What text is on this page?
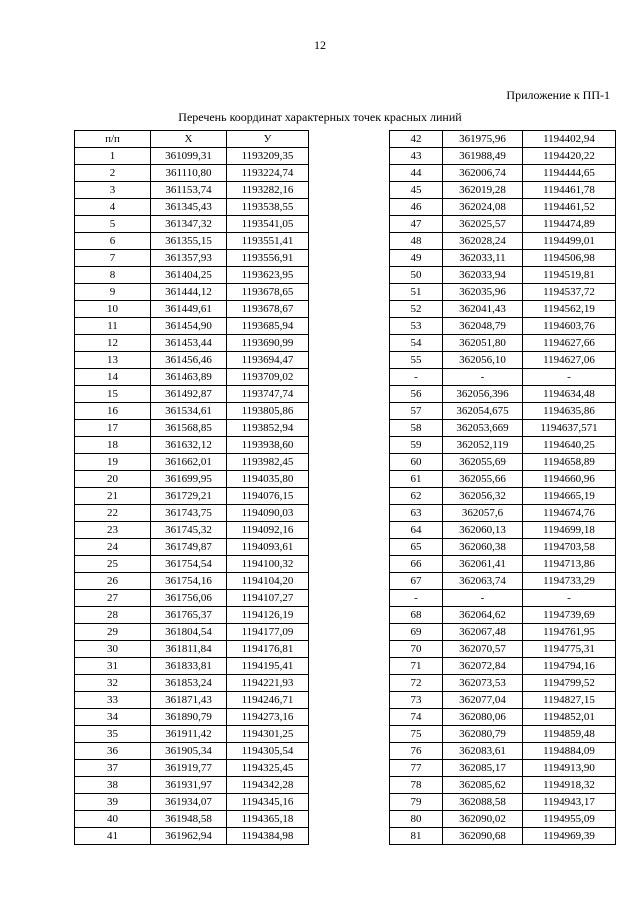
12
Приложение к ПП-1
Перечень координат характерных точек красных линий
п/п	X	У
1	361099,31	1193209,35
2	361110,80	1193224,74
3	361153,74	1193282,16
4	361345,43	1193538,55
5	361347,32	1193541,05
6	361355,15	1193551,41
7	361357,93	1193556,91
8	361404,25	1193623,95
9	361444,12	1193678,65
10	361449,61	1193678,67
11	361454,90	1193685,94
12	361453,44	1193690,99
13	361456,46	1193694,47
14	361463,89	1193709,02
15	361492,87	1193747,74
16	361534,61	1193805,86
17	361568,85	1193852,94
18	361632,12	1193938,60
19	361662,01	1193982,45
20	361699,95	1194035,80
21	361729,21	1194076,15
22	361743,75	1194090,03
23	361745,32	1194092,16
24	361749,87	1194093,61
25	361754,54	1194100,32
26	361754,16	1194104,20
27	361756,06	1194107,27
28	361765,37	1194126,19
29	361804,54	1194177,09
30	361811,84	1194176,81
31	361833,81	1194195,41
32	361853,24	1194221,93
33	361871,43	1194246,71
34	361890,79	1194273,16
35	361911,42	1194301,25
36	361905,34	1194305,54
37	361919,77	1194325,45
38	361931,97	1194342,28
39	361934,07	1194345,16
40	361948,58	1194365,18
41	361962,94	1194384,98
42	361975,96	1194402,94
43	361988,49	1194420,22
44	362006,74	1194444,65
45	362019,28	1194461,78
46	362024,08	1194461,52
47	362025,57	1194474,89
48	362028,24	1194499,01
49	362033,11	1194506,98
50	362033,94	1194519,81
51	362035,96	1194537,72
52	362041,43	1194562,19
53	362048,79	1194603,76
54	362051,80	1194627,66
55	362056,10	1194627,06
-	-	-
56	362056,396	1194634,48
57	362054,675	1194635,86
58	362053,669	1194637,571
59	362052,119	1194640,25
60	362055,69	1194658,89
61	362055,66	1194660,96
62	362056,32	1194665,19
63	362057,6	1194674,76
64	362060,13	1194699,18
65	362060,38	1194703,58
66	362061,41	1194713,86
67	362063,74	1194733,29
-	-	-
68	362064,62	1194739,69
69	362067,48	1194761,95
70	362070,57	1194775,31
71	362072,84	1194794,16
72	362073,53	1194799,52
73	362077,04	1194827,15
74	362080,06	1194852,01
75	362080,79	1194859,48
76	362083,61	1194884,09
77	362085,17	1194913,90
78	362085,62	1194918,32
79	362088,58	1194943,17
80	362090,02	1194955,09
81	362090,68	1194969,39
